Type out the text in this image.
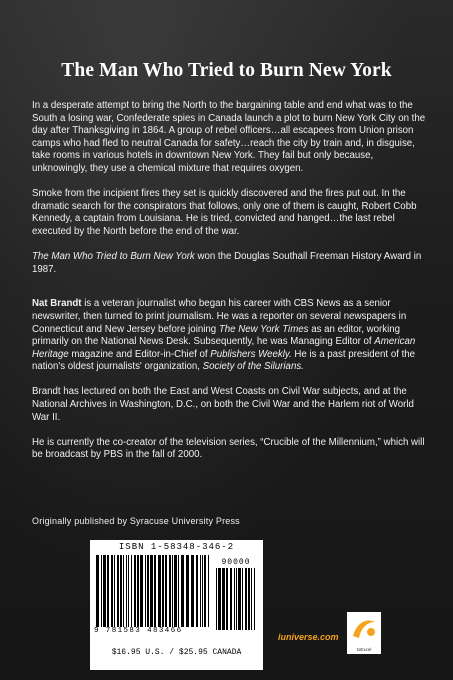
The Man Who Tried to Burn New York

In a desperate attempt to bring the North to the bargaining table and end what was to the South a losing war, Confederate spies in Canada launch a plot to burn New York City on the day after Thanksgiving in 1864. A group of rebel officers…all escapees from Union prison camps who had fled to neutral Canada for safety…reach the city by train and, in disguise, take rooms in various hotels in downtown New York. They fail but only because, unknowingly, they use a chemical mixture that requires oxygen.

Smoke from the incipient fires they set is quickly discovered and the fires put out. In the dramatic search for the conspirators that follows, only one of them is caught, Robert Cobb Kennedy, a captain from Louisiana. He is tried, convicted and hanged…the last rebel executed by the North before the end of the war.

The Man Who Tried to Burn New York won the Douglas Southall Freeman History Award in 1987.

Nat Brandt is a veteran journalist who began his career with CBS News as a senior newswriter, then turned to print journalism. He was a reporter on several newspapers in Connecticut and New Jersey before joining The New York Times as an editor, working primarily on the National News Desk. Subsequently, he was Managing Editor of American Heritage magazine and Editor-in-Chief of Publishers Weekly. He is a past president of the nation's oldest journalists' organization, Society of the Silurians.

Brandt has lectured on both the East and West Coasts on Civil War subjects, and at the National Archives in Washington, D.C., on both the Civil War and the Harlem riot of World War II.

He is currently the co-creator of the television series, “Crucible of the Millennium,” which will be broadcast by PBS in the fall of 2000.

Originally published by Syracuse University Press
ISBN 1-58348-346-2
90000
9 781583 483466
$16.95 U.S. / $25.95 CANADA
iuniverse.com
toExcel
